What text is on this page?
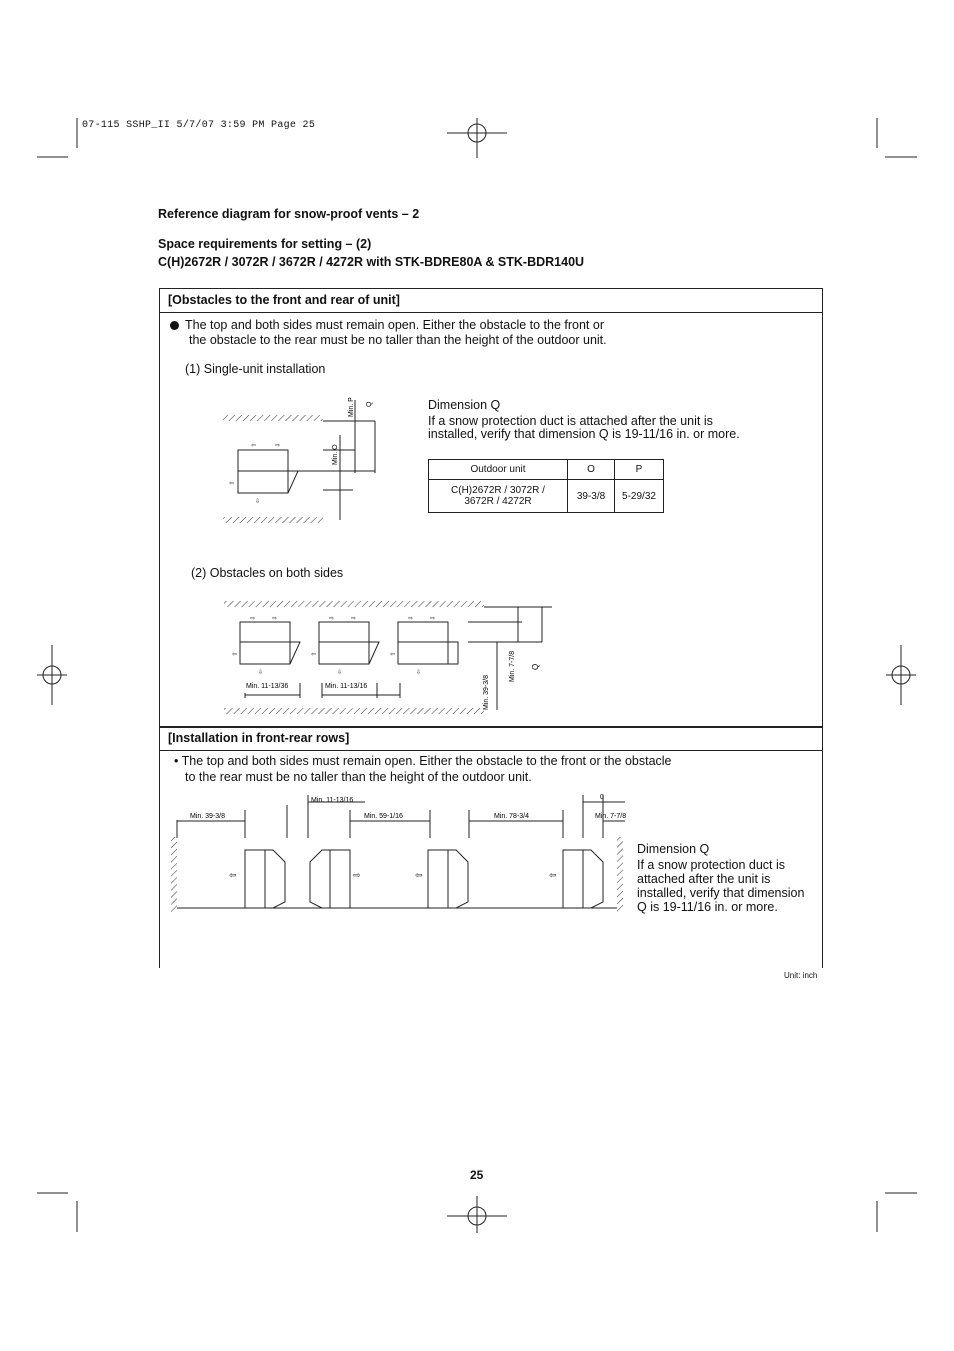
07-115 SSHP_II 5/7/07 3:59 PM Page 25
Reference diagram for snow-proof vents – 2
Space requirements for setting – (2)
C(H)2672R / 3072R / 3672R / 4272R with STK-BDRE80A & STK-BDR140U
[Obstacles to the front and rear of unit]
The top and both sides must remain open. Either the obstacle to the front or
the obstacle to the rear must be no taller than the height of the outdoor unit.
(1) Single-unit installation
Dimension Q
If a snow protection duct is attached after the unit is
installed, verify that dimension Q is 19-11/16 in. or more.
Outdoor unit	O	P

C(H)2672R / 3072R /
3672R / 4272R	39-3/8	5-29/32
⇦	⇨
⇦
⇩
Min. P Q
Min. O
(2) Obstacles on both sides
⇨	⇨	⇨	⇨	⇨	⇨
⇦
⇩
⇦
⇩
⇦
⇩
Min. 11-13/36	Min. 11-13/16	Min. 39-3/8
Min. 7-7/8 Q
[Installation in front-rear rows]
• The top and both sides must remain open. Either the obstacle to the front or the obstacle
to the rear must be no taller than the height of the outdoor unit.
⇦	⇨	⇦	⇦
Min. 39-3/8
Min. 11-13/16
Min. 59-1/16	Min. 78-3/4
0
Min. 7-7/8
Dimension Q
If a snow protection duct is
attached after the unit is
installed, verify that dimension
Q is 19-11/16 in. or more.
Unit: inch
25
